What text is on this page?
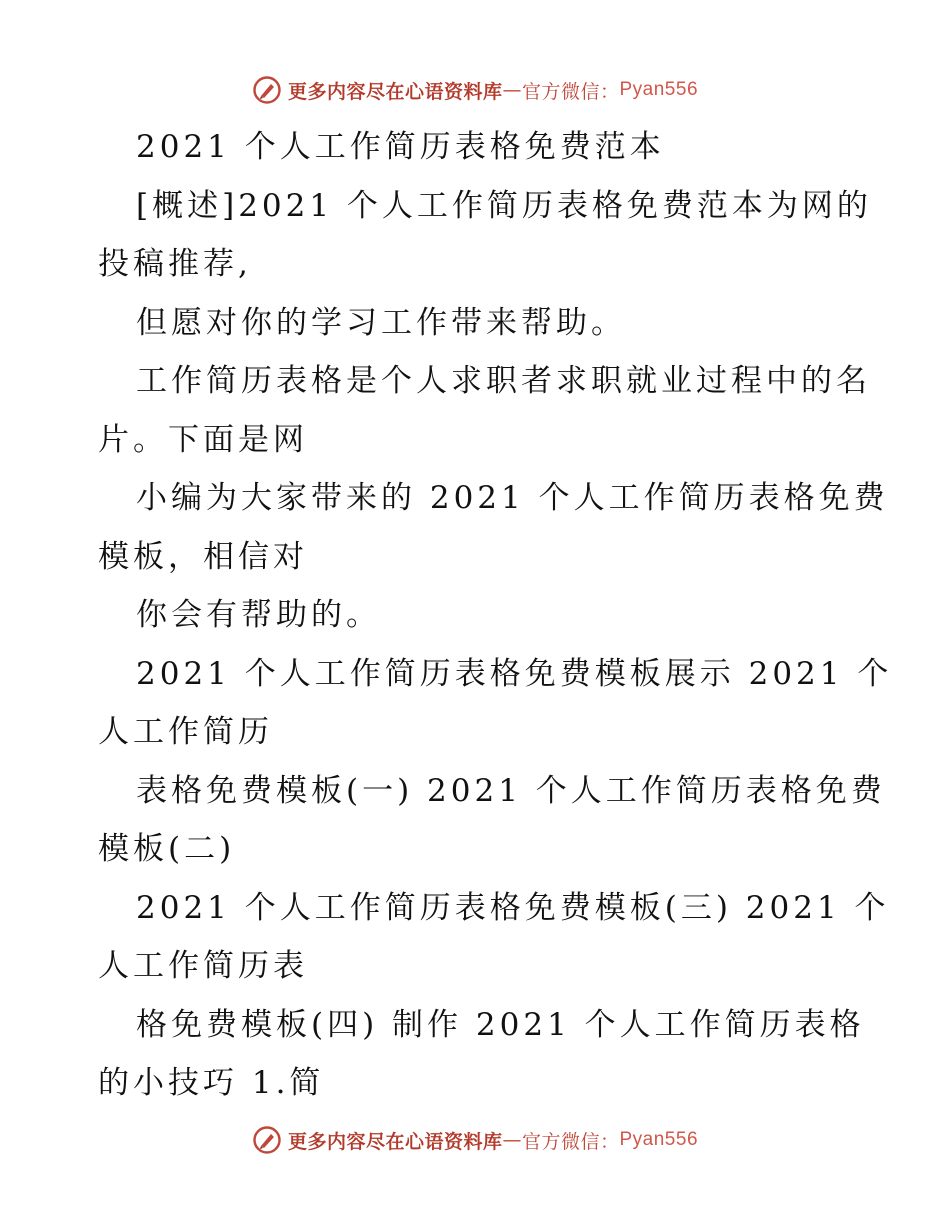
更多内容尽在心语资料库 — 官方微信： Pyan556

2021 个人工作简历表格免费范本

[概述]2021 个人工作简历表格免费范本为网的

投稿推荐,

但愿对你的学习工作带来帮助。

工作简历表格是个人求职者求职就业过程中的名

片。下面是网

小编为大家带来的 2021 个人工作简历表格免费

模板，相信对

你会有帮助的。

2021 个人工作简历表格免费模板展示 2021 个

人工作简历

表格免费模板(一) 2021 个人工作简历表格免费

模板(二)

2021 个人工作简历表格免费模板(三) 2021 个

人工作简历表

格免费模板(四) 制作 2021 个人工作简历表格

的小技巧 1.简

更多内容尽在心语资料库 — 官方微信： Pyan556
